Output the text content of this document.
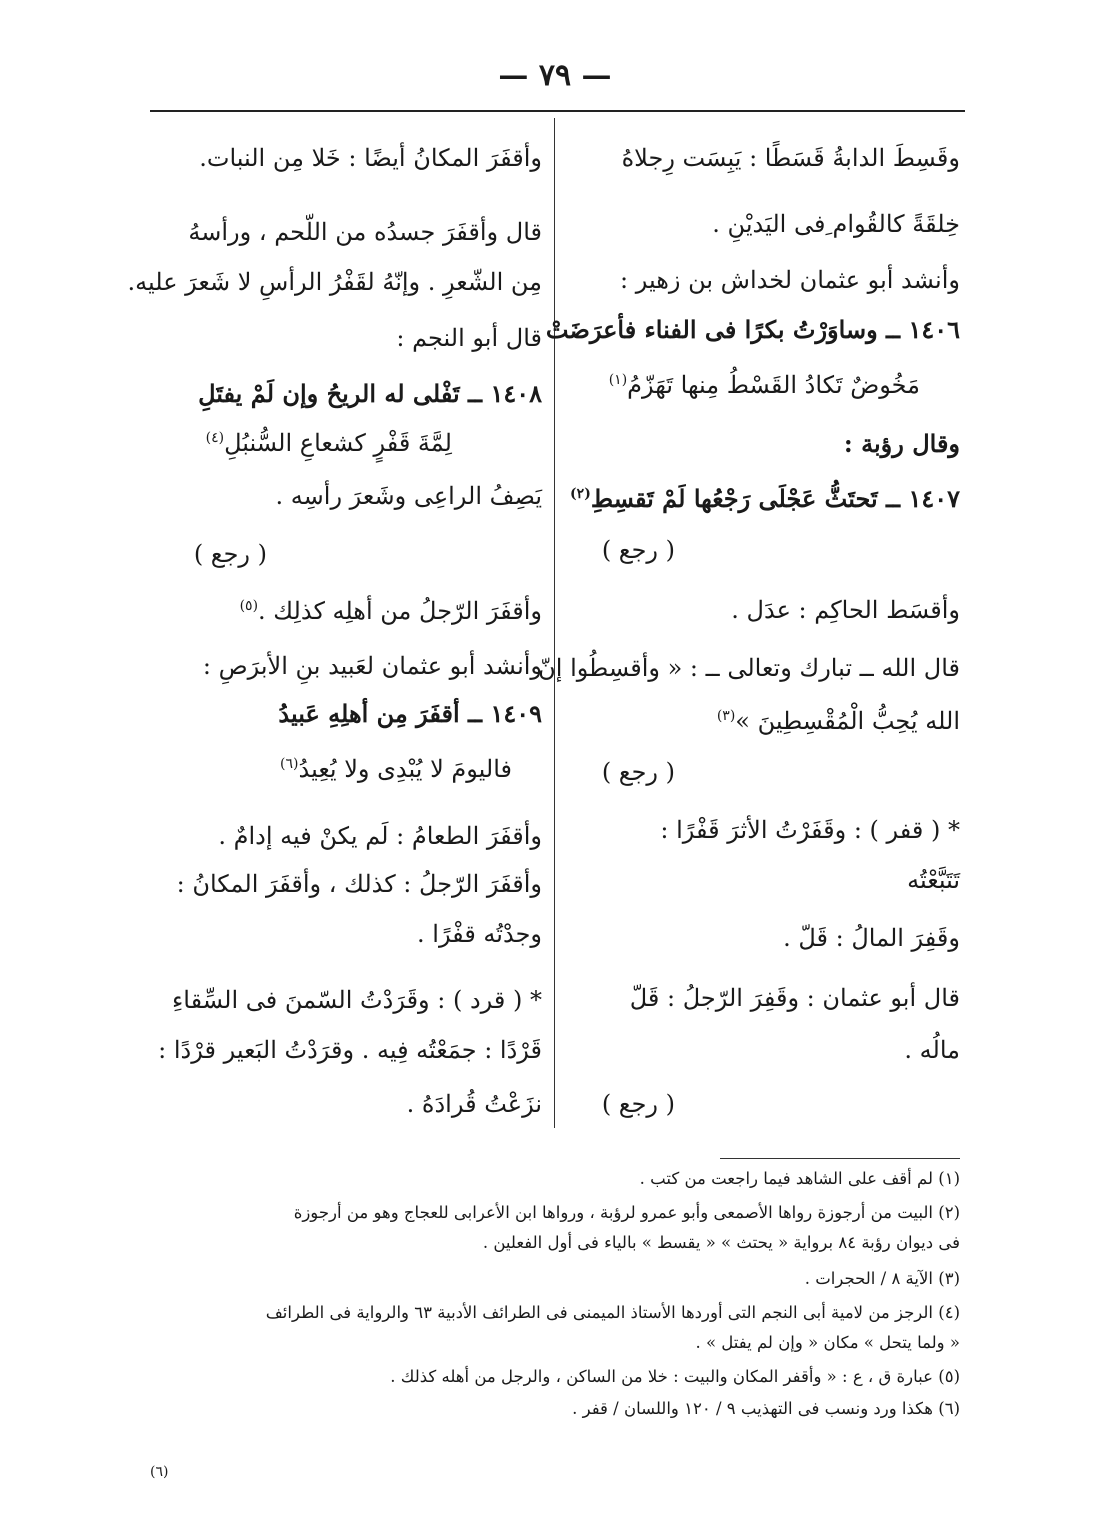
— ٧٩ —
وقَسِطَ الدابةُ قَسَطًا : يَبِسَت رِجلاهُ
خِلقَةً كالقُوام ِفى اليَديْنِ .
وأنشد أبو عثمان لخداش بن زهير :
١٤٠٦ ــ وساوَرْتُ بكرًا فى الفناء فأعرَضَتْ
مَخُوضٌ تَكادُ القَسْطُ مِنها تَهَزّمُ$^{(١)}$
وقال رؤبة :
١٤٠٧ ــ تَحتَثُّ عَجْلَى رَجْعُها لَمْ تَقسِطِ$^{(٢)}$
( رجع )
وأقسَط الحاكِم : عدَل .
قال الله ــ تبارك وتعالى ــ : « وأقسِطُوا إنّ
الله يُحِبُّ الْمُقْسِطِينَ »$^{(٣)}$
( رجع )
* ( قفر ) : وقَفَرْتُ الأثرَ قَفْرًا :
تَتَبَّعْتُه
وقَفِرَ المالُ : قَلّ .
قال أبو عثمان : وقَفِرَ الرّجلُ : قَلّ
مالُه .
( رجع )
وأقفَرَ المكانُ أيضًا : خَلا مِن النبات.
قال وأقفَرَ جسدُه من اللّحم ، ورأسهُ
مِن الشّعرِ . وإنّهُ لقَفْرُ الرأسِ لا شَعرَ عليه.
قال أبو النجم :
١٤٠٨ ــ تَفْلى له الريحُ وإن لَمْ يفتَلِ
لِمَّةَ قَفْرٍ كشعاعِ السُّنبُلِ$^{(٤)}$
يَصِفُ الراعِى وشَعرَ رأسِه .
( رجع )
وأقفَرَ الرّجلُ من أهلِه كذلِك .$^{(٥)}$
وأنشد أبو عثمان لعَبيد بنِ الأبرَصِ :
١٤٠٩ ــ أقفَرَ مِن أهلِهِ عَبيدُ
فاليومَ لا يُبْدِى ولا يُعِيدُ$^{(٦)}$
وأقفَرَ الطعامُ : لَم يكنْ فيه إدامٌ .
وأقفَرَ الرّجلُ : كذلك ، وأقفَرَ المكانُ :
وجدْتُه قفْرًا .
* ( قرد ) : وقَرَدْتُ السّمنَ فى السِّقاءِ
قَرْدًا : جمَعْتُه فِيه . وقرَدْتُ البَعير قرْدًا :
نزَعْتُ قُرادَهُ .
(١) لم أقف على الشاهد فيما راجعت من كتب .
(٢) البيت من أرجوزة رواها الأصمعى وأبو عمرو لرؤبة ، ورواها ابن الأعرابى للعجاج وهو من أرجوزة
فى ديوان رؤبة ٨٤ برواية « يحتث » « يقسط » بالياء فى أول الفعلين .
(٣) الآية ٨ / الحجرات .
(٤) الرجز من لامية أبى النجم التى أوردها الأستاذ الميمنى فى الطرائف الأدبية ٦٣ والرواية فى الطرائف
« ولما يتحل » مكان « وإن لم يفتل » .
(٥) عبارة ق ، ع : « وأقفر المكان والبيت : خلا من الساكن ، والرجل من أهله كذلك .
(٦) هكذا ورد ونسب فى التهذيب ٩ / ١٢٠ واللسان / قفر .
(٦)
